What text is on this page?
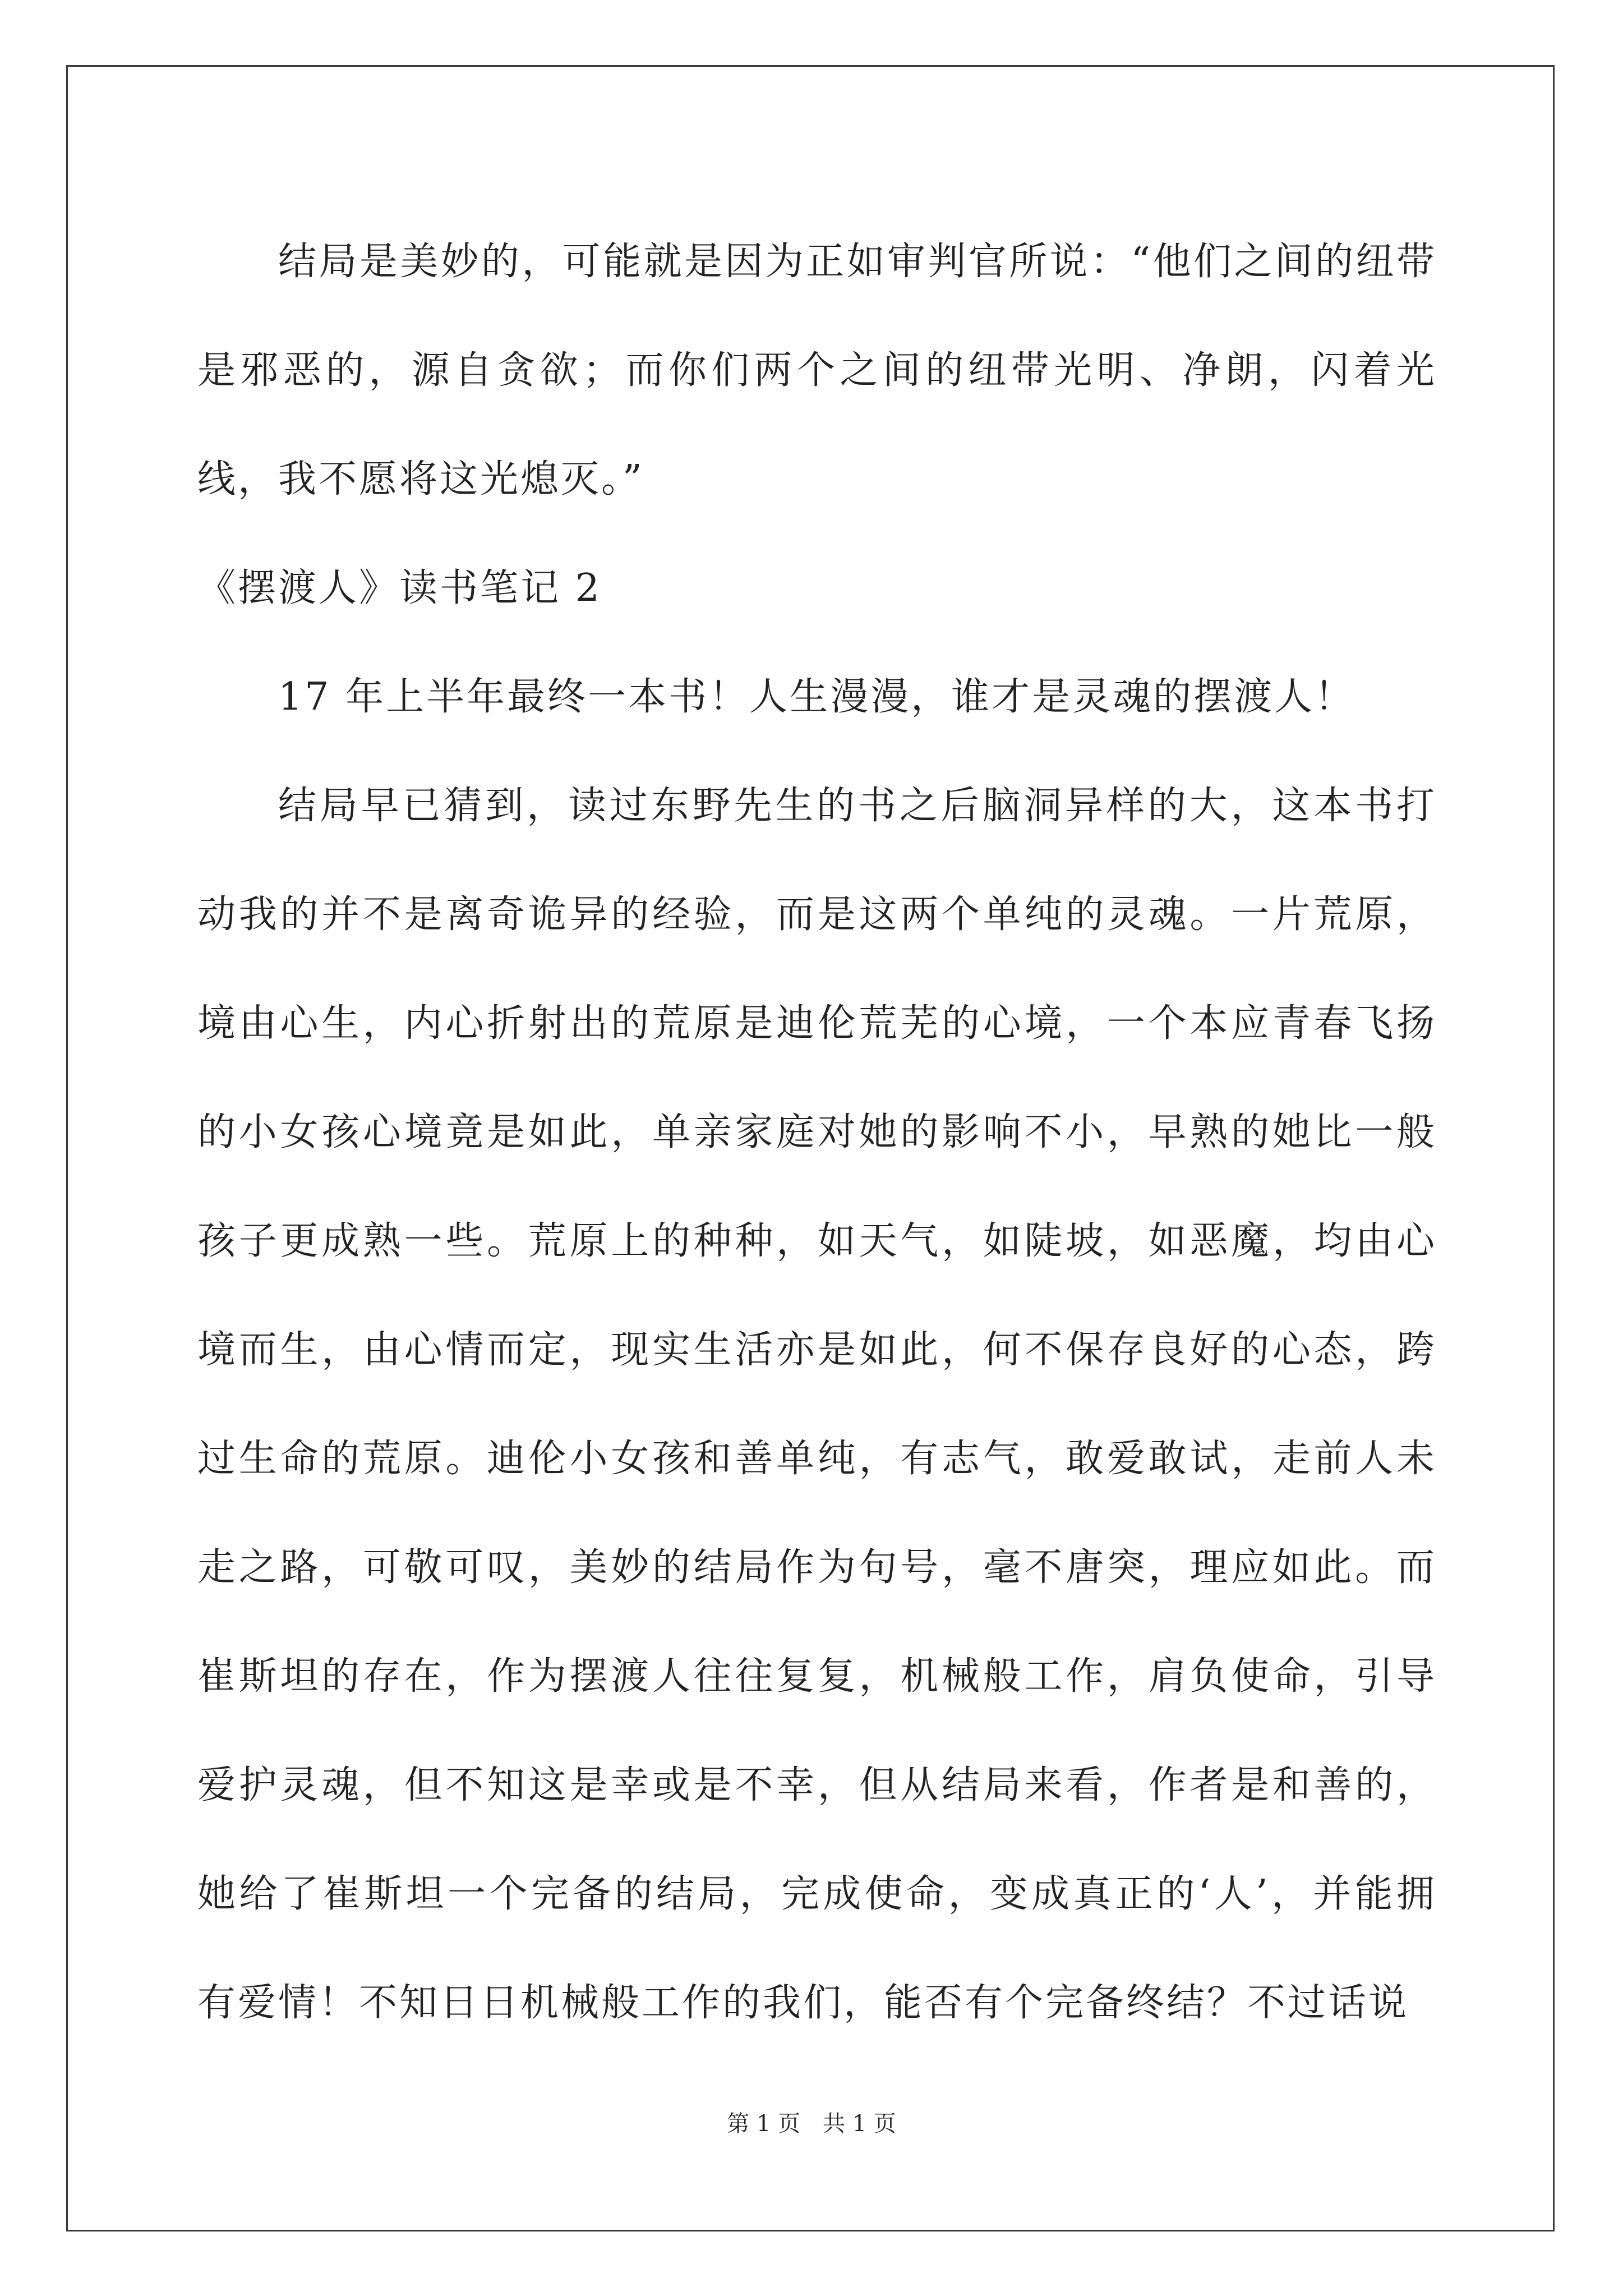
结局是美妙的，可能就是因为正如审判官所说：“他们之间的纽带是邪恶的，源自贪欲；而你们两个之间的纽带光明、净朗，闪着光线，我不愿将这光熄灭。”

《摆渡人》读书笔记 2

17 年上半年最终一本书！人生漫漫，谁才是灵魂的摆渡人！

结局早已猜到，读过东野先生的书之后脑洞异样的大，这本书打动我的并不是离奇诡异的经验，而是这两个单纯的灵魂。一片荒原，境由心生，内心折射出的荒原是迪伦荒芜的心境，一个本应青春飞扬的小女孩心境竟是如此，单亲家庭对她的影响不小，早熟的她比一般孩子更成熟一些。荒原上的种种，如天气，如陡坡，如恶魔，均由心境而生，由心情而定，现实生活亦是如此，何不保存良好的心态，跨过生命的荒原。迪伦小女孩和善单纯，有志气，敢爱敢试，走前人未走之路，可敬可叹，美妙的结局作为句号，毫不唐突，理应如此。而崔斯坦的存在，作为摆渡人往往复复，机械般工作，肩负使命，引导爱护灵魂，但不知这是幸或是不幸，但从结局来看，作者是和善的，她给了崔斯坦一个完备的结局，完成使命，变成真正的‘人’，并能拥有爱情！不知日日机械般工作的我们，能否有个完备终结？不过话说

第 1 页 共 1 页
